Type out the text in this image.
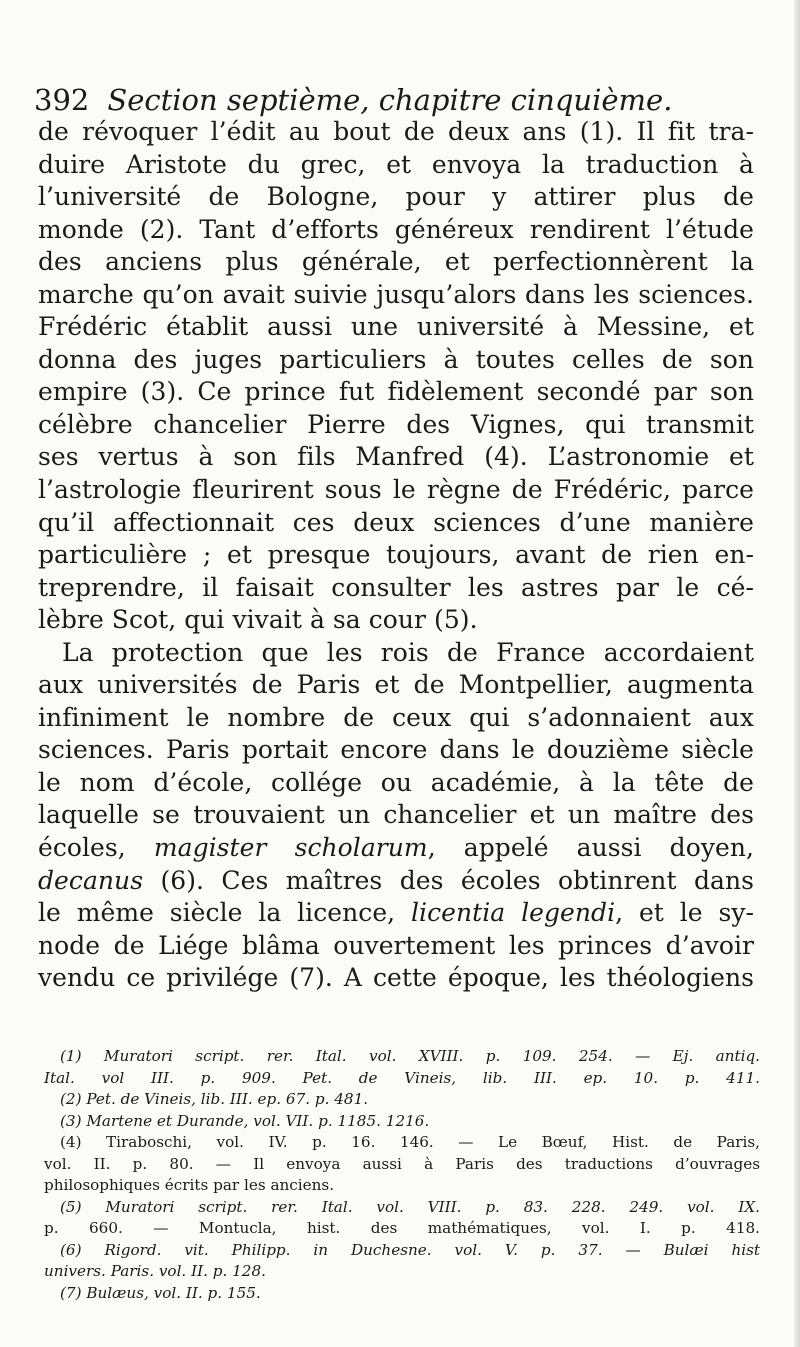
392 Section septième, chapitre cinquième.
de révoquer l’édit au bout de deux ans (1). Il fit tra-
duire Aristote du grec, et envoya la traduction à
l’université de Bologne, pour y attirer plus de
monde (2). Tant d’efforts généreux rendirent l’étude
des anciens plus générale, et perfectionnèrent la
marche qu’on avait suivie jusqu’alors dans les sciences.
Frédéric établit aussi une université à Messine, et
donna des juges particuliers à toutes celles de son
empire (3). Ce prince fut fidèlement secondé par son
célèbre chancelier Pierre des Vignes, qui transmit
ses vertus à son fils Manfred (4). L’astronomie et
l’astrologie fleurirent sous le règne de Frédéric, parce
qu’il affectionnait ces deux sciences d’une manière
particulière ; et presque toujours, avant de rien en-
treprendre, il faisait consulter les astres par le cé-
lèbre Scot, qui vivait à sa cour (5).
La protection que les rois de France accordaient
aux universités de Paris et de Montpellier, augmenta
infiniment le nombre de ceux qui s’adonnaient aux
sciences. Paris portait encore dans le douzième siècle
le nom d’école, collége ou académie, à la tête de
laquelle se trouvaient un chancelier et un maître des
écoles, magister scholarum, appelé aussi doyen,
decanus (6). Ces maîtres des écoles obtinrent dans
le même siècle la licence, licentia legendi, et le sy-
node de Liége blâma ouvertement les princes d’avoir
vendu ce privilége (7). A cette époque, les théologiens
(1) Muratori script. rer. Ital. vol. XVIII. p. 109. 254. — Ej. antiq.
Ital. vol III. p. 909. Pet. de Vineis, lib. III. ep. 10. p. 411.
(2) Pet. de Vineis, lib. III. ep. 67. p. 481.
(3) Martene et Durande, vol. VII. p. 1185. 1216.
(4) Tiraboschi, vol. IV. p. 16. 146. — Le Bœuf, Hist. de Paris,
vol. II. p. 80. — Il envoya aussi à Paris des traductions d’ouvrages
philosophiques écrits par les anciens.
(5) Muratori script. rer. Ital. vol. VIII. p. 83. 228. 249. vol. IX.
p. 660. — Montucla, hist. des mathématiques, vol. I. p. 418.
(6) Rigord. vit. Philipp. in Duchesne. vol. V. p. 37. — Bulæi hist
univers. Paris. vol. II. p. 128.
(7) Bulæus, vol. II. p. 155.
